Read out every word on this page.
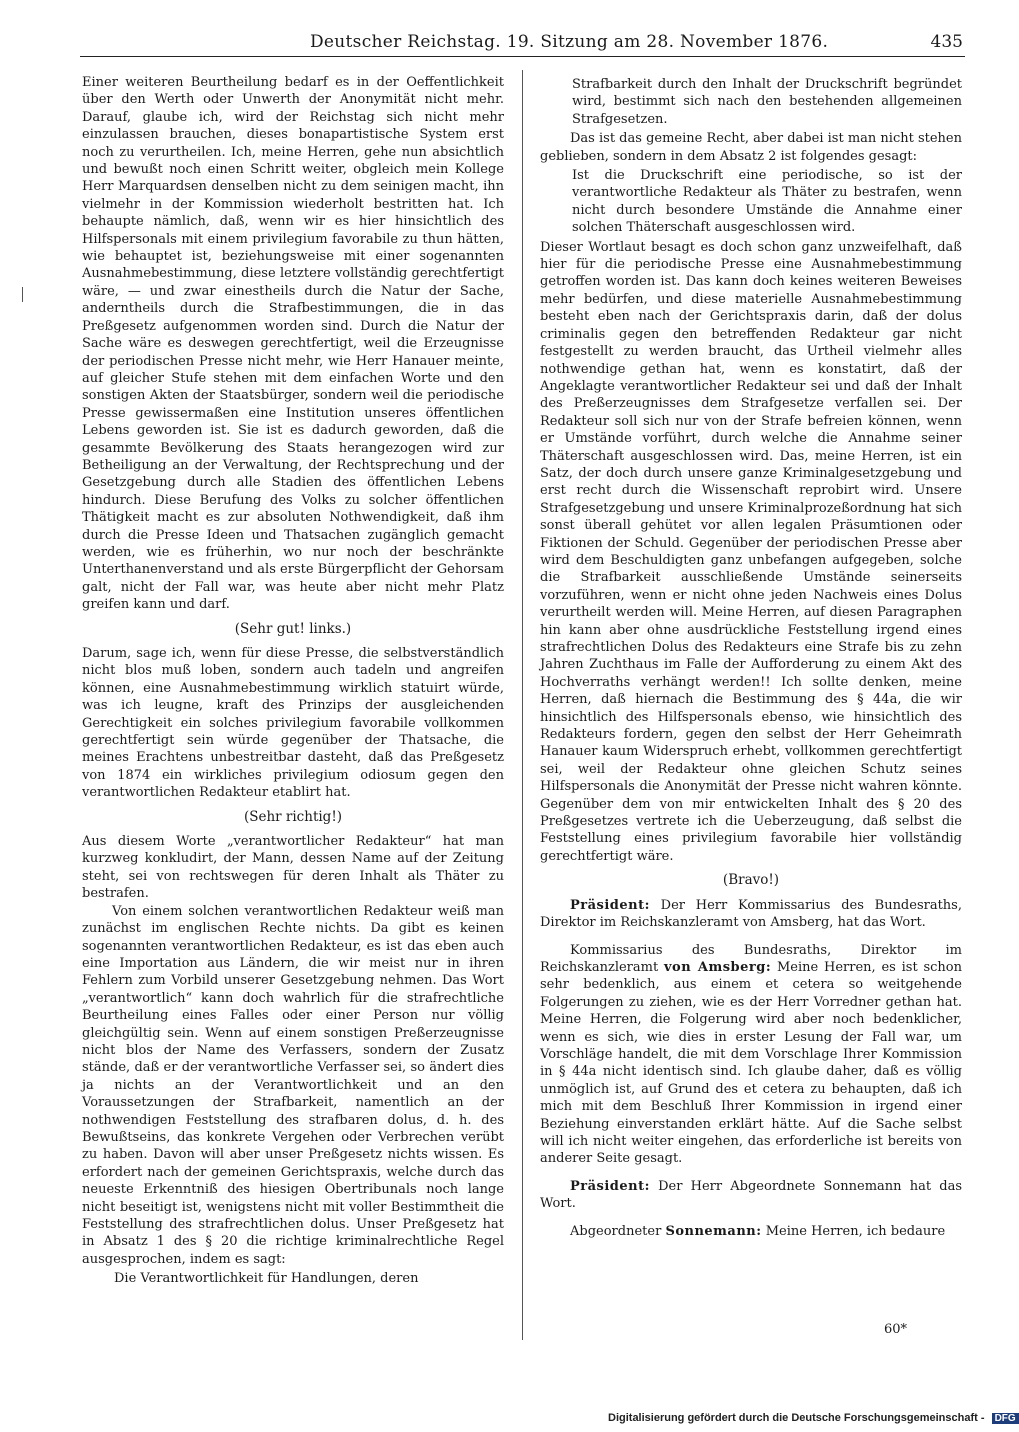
Deutscher Reichstag. 19. Sitzung am 28. November 1876.	435

Einer weiteren Beurtheilung bedarf es in der Oeffentlichkeit über den Werth oder Unwerth der Anonymität nicht mehr. Darauf, glaube ich, wird der Reichstag sich nicht mehr einzulassen brauchen, dieses bonapartistische System erst noch zu verurtheilen. Ich, meine Herren, gehe nun absichtlich und bewußt noch einen Schritt weiter, obgleich mein Kollege Herr Marquardsen denselben nicht zu dem seinigen macht, ihn vielmehr in der Kommission wiederholt bestritten hat. Ich behaupte nämlich, daß, wenn wir es hier hinsichtlich des Hilfspersonals mit einem privilegium favorabile zu thun hätten, wie behauptet ist, beziehungsweise mit einer sogenannten Ausnahmebestimmung, diese letztere vollständig gerechtfertigt wäre, — und zwar einestheils durch die Natur der Sache, anderntheils durch die Strafbestimmungen, die in das Preßgesetz aufgenommen worden sind. Durch die Natur der Sache wäre es deswegen gerechtfertigt, weil die Erzeugnisse der periodischen Presse nicht mehr, wie Herr Hanauer meinte, auf gleicher Stufe stehen mit dem einfachen Worte und den sonstigen Akten der Staatsbürger, sondern weil die periodische Presse gewissermaßen eine Institution unseres öffentlichen Lebens geworden ist. Sie ist es dadurch geworden, daß die gesammte Bevölkerung des Staats herangezogen wird zur Betheiligung an der Verwaltung, der Rechtsprechung und der Gesetzgebung durch alle Stadien des öffentlichen Lebens hindurch. Diese Berufung des Volks zu solcher öffentlichen Thätigkeit macht es zur absoluten Nothwendigkeit, daß ihm durch die Presse Ideen und Thatsachen zugänglich gemacht werden, wie es früherhin, wo nur noch der beschränkte Unterthanenverstand und als erste Bürgerpflicht der Gehorsam galt, nicht der Fall war, was heute aber nicht mehr Platz greifen kann und darf.

(Sehr gut! links.)

Darum, sage ich, wenn für diese Presse, die selbstverständlich nicht blos muß loben, sondern auch tadeln und angreifen können, eine Ausnahmebestimmung wirklich statuirt würde, was ich leugne, kraft des Prinzips der ausgleichenden Gerechtigkeit ein solches privilegium favorabile vollkommen gerechtfertigt sein würde gegenüber der Thatsache, die meines Erachtens unbestreitbar dasteht, daß das Preßgesetz von 1874 ein wirkliches privilegium odiosum gegen den verantwortlichen Redakteur etablirt hat.

(Sehr richtig!)

Aus diesem Worte „verantwortlicher Redakteur“ hat man kurzweg konkludirt, der Mann, dessen Name auf der Zeitung steht, sei von rechtswegen für deren Inhalt als Thäter zu bestrafen.

Von einem solchen verantwortlichen Redakteur weiß man zunächst im englischen Rechte nichts. Da gibt es keinen sogenannten verantwortlichen Redakteur, es ist das eben auch eine Importation aus Ländern, die wir meist nur in ihren Fehlern zum Vorbild unserer Gesetzgebung nehmen. Das Wort „verantwortlich“ kann doch wahrlich für die strafrechtliche Beurtheilung eines Falles oder einer Person nur völlig gleichgültig sein. Wenn auf einem sonstigen Preßerzeugnisse nicht blos der Name des Verfassers, sondern der Zusatz stände, daß er der verantwortliche Verfasser sei, so ändert dies ja nichts an der Verantwortlichkeit und an den Voraussetzungen der Strafbarkeit, namentlich an der nothwendigen Feststellung des strafbaren dolus, d. h. des Bewußtseins, das konkrete Vergehen oder Verbrechen verübt zu haben. Davon will aber unser Preßgesetz nichts wissen. Es erfordert nach der gemeinen Gerichtspraxis, welche durch das neueste Erkenntniß des hiesigen Obertribunals noch lange nicht beseitigt ist, wenigstens nicht mit voller Bestimmtheit die Feststellung des strafrechtlichen dolus. Unser Preßgesetz hat in Absatz 1 des § 20 die richtige kriminalrechtliche Regel ausgesprochen, indem es sagt:

Die Verantwortlichkeit für Handlungen, deren

Strafbarkeit durch den Inhalt der Druckschrift begründet wird, bestimmt sich nach den bestehenden allgemeinen Strafgesetzen.

Das ist das gemeine Recht, aber dabei ist man nicht stehen geblieben, sondern in dem Absatz 2 ist folgendes gesagt:

Ist die Druckschrift eine periodische, so ist der verantwortliche Redakteur als Thäter zu bestrafen, wenn nicht durch besondere Umstände die Annahme einer solchen Thäterschaft ausgeschlossen wird.

Dieser Wortlaut besagt es doch schon ganz unzweifelhaft, daß hier für die periodische Presse eine Ausnahmebestimmung getroffen worden ist. Das kann doch keines weiteren Beweises mehr bedürfen, und diese materielle Ausnahmebestimmung besteht eben nach der Gerichtspraxis darin, daß der dolus criminalis gegen den betreffenden Redakteur gar nicht festgestellt zu werden braucht, das Urtheil vielmehr alles nothwendige gethan hat, wenn es konstatirt, daß der Angeklagte verantwortlicher Redakteur sei und daß der Inhalt des Preßerzeugnisses dem Strafgesetze verfallen sei. Der Redakteur soll sich nur von der Strafe befreien können, wenn er Umstände vorführt, durch welche die Annahme seiner Thäterschaft ausgeschlossen wird. Das, meine Herren, ist ein Satz, der doch durch unsere ganze Kriminalgesetzgebung und erst recht durch die Wissenschaft reprobirt wird. Unsere Strafgesetzgebung und unsere Kriminalprozeßordnung hat sich sonst überall gehütet vor allen legalen Präsumtionen oder Fiktionen der Schuld. Gegenüber der periodischen Presse aber wird dem Beschuldigten ganz unbefangen aufgegeben, solche die Strafbarkeit ausschließende Umstände seinerseits vorzuführen, wenn er nicht ohne jeden Nachweis eines Dolus verurtheilt werden will. Meine Herren, auf diesen Paragraphen hin kann aber ohne ausdrückliche Feststellung irgend eines strafrechtlichen Dolus des Redakteurs eine Strafe bis zu zehn Jahren Zuchthaus im Falle der Aufforderung zu einem Akt des Hochverraths verhängt werden!! Ich sollte denken, meine Herren, daß hiernach die Bestimmung des § 44a, die wir hinsichtlich des Hilfspersonals ebenso, wie hinsichtlich des Redakteurs fordern, gegen den selbst der Herr Geheimrath Hanauer kaum Widerspruch erhebt, vollkommen gerechtfertigt sei, weil der Redakteur ohne gleichen Schutz seines Hilfspersonals die Anonymität der Presse nicht wahren könnte. Gegenüber dem von mir entwickelten Inhalt des § 20 des Preßgesetzes vertrete ich die Ueberzeugung, daß selbst die Feststellung eines privilegium favorabile hier vollständig gerechtfertigt wäre.

(Bravo!)

Präsident: Der Herr Kommissarius des Bundesraths, Direktor im Reichskanzleramt von Amsberg, hat das Wort.

Kommissarius des Bundesraths, Direktor im Reichskanzleramt von Amsberg: Meine Herren, es ist schon sehr bedenklich, aus einem et cetera so weitgehende Folgerungen zu ziehen, wie es der Herr Vorredner gethan hat. Meine Herren, die Folgerung wird aber noch bedenklicher, wenn es sich, wie dies in erster Lesung der Fall war, um Vorschläge handelt, die mit dem Vorschlage Ihrer Kommission in § 44a nicht identisch sind. Ich glaube daher, daß es völlig unmöglich ist, auf Grund des et cetera zu behaupten, daß ich mich mit dem Beschluß Ihrer Kommission in irgend einer Beziehung einverstanden erklärt hätte. Auf die Sache selbst will ich nicht weiter eingehen, das erforderliche ist bereits von anderer Seite gesagt.

Präsident: Der Herr Abgeordnete Sonnemann hat das Wort.

Abgeordneter Sonnemann: Meine Herren, ich bedaure

60*
Digitalisierung gefördert durch die Deutsche Forschungsgemeinschaft - DFG
